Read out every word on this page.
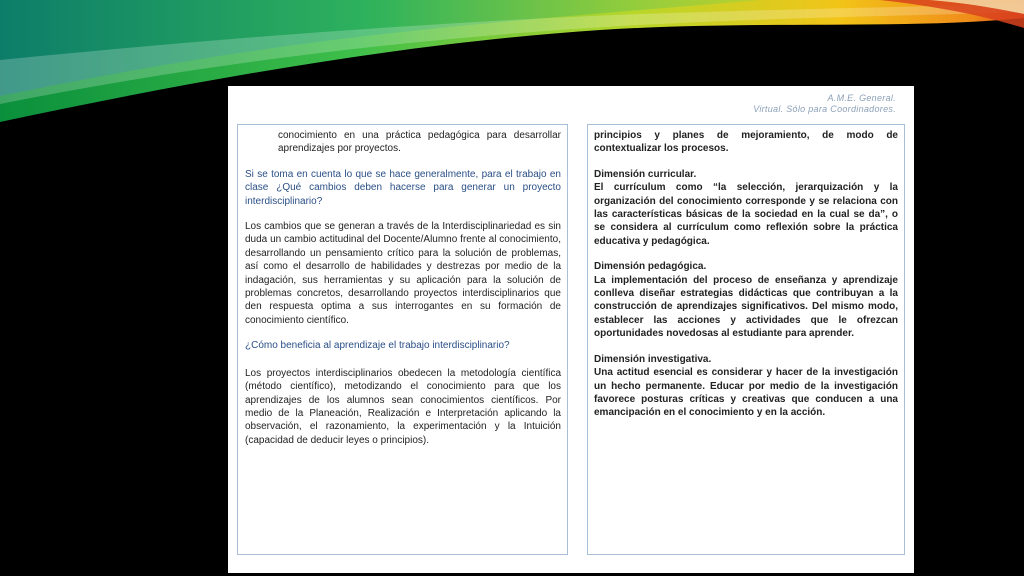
A.M.E. General.
Virtual. Sólo para Coordinadores.

conocimiento en una práctica pedagógica para desarrollar aprendizajes por proyectos.

Si se toma en cuenta lo que se hace generalmente, para el trabajo en clase ¿Qué cambios deben hacerse para generar un proyecto interdisciplinario?

Los cambios que se generan a través de la Interdisciplinariedad es sin duda un cambio actitudinal del Docente/Alumno frente al conocimiento, desarrollando un pensamiento crítico para la solución de problemas, así como el desarrollo de habilidades y destrezas por medio de la indagación, sus herramientas y su aplicación para la solución de problemas concretos, desarrollando proyectos interdisciplinarios que den respuesta optima a sus interrogantes en su formación de conocimiento científico.

¿Cómo beneficia al aprendizaje el trabajo interdisciplinario?

Los proyectos interdisciplinarios obedecen la metodología científica (método científico), metodizando el conocimiento para que los aprendizajes de los alumnos sean conocimientos científicos. Por medio de la Planeación, Realización e Interpretación aplicando la observación, el razonamiento, la experimentación y la Intuición (capacidad de deducir leyes o principios).

principios y planes de mejoramiento, de modo de contextualizar los procesos.

Dimensión curricular.

El currículum como “la selección, jerarquización y la organización del conocimiento corresponde y se relaciona con las características básicas de la sociedad en la cual se da”, o se considera al currículum como reflexión sobre la práctica educativa y pedagógica.

Dimensión pedagógica.

La implementación del proceso de enseñanza y aprendizaje conlleva diseñar estrategias didácticas que contribuyan a la construcción de aprendizajes significativos. Del mismo modo, establecer las acciones y actividades que le ofrezcan oportunidades novedosas al estudiante para aprender.

Dimensión investigativa.

Una actitud esencial es considerar y hacer de la investigación un hecho permanente. Educar por medio de la investigación favorece posturas críticas y creativas que conducen a una emancipación en el conocimiento y en la acción.
